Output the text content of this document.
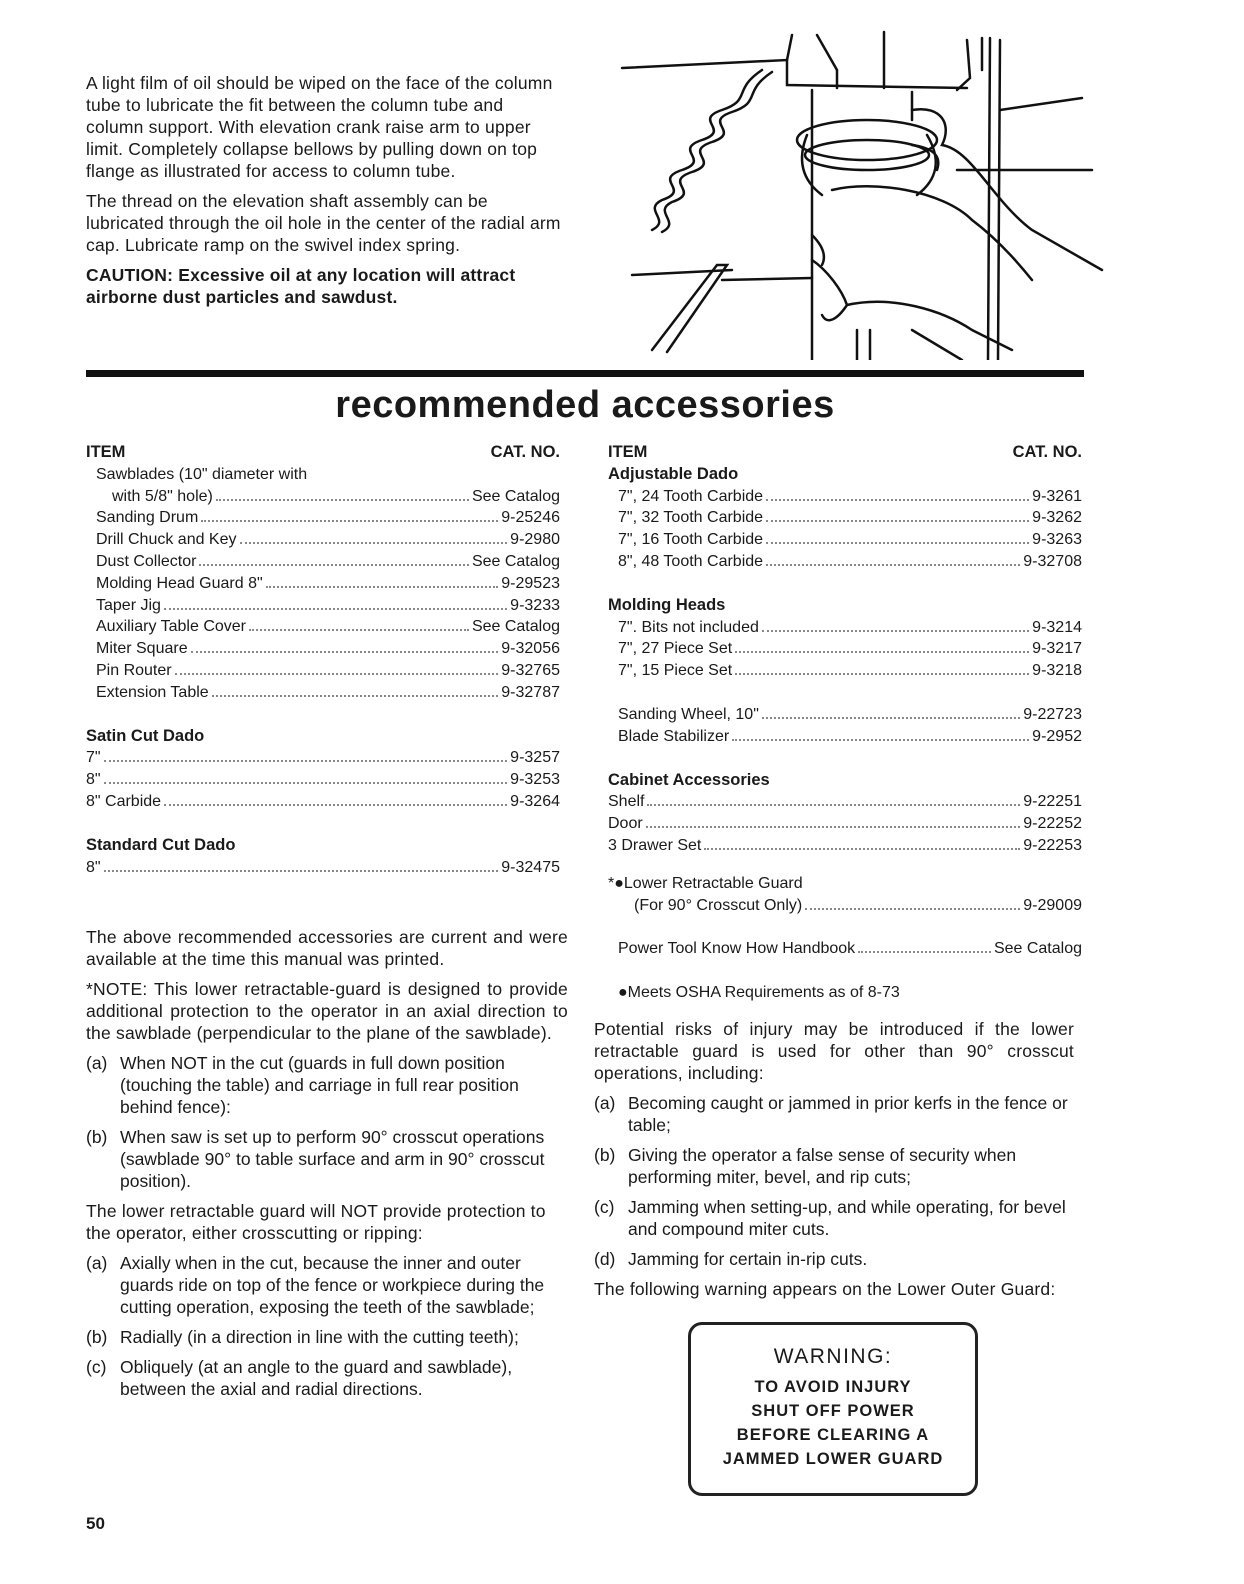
A light film of oil should be wiped on the face of the column tube to lubricate the fit between the column tube and column support. With elevation crank raise arm to upper limit. Completely collapse bellows by pulling down on top flange as illustrated for access to column tube.

The thread on the elevation shaft assembly can be lubricated through the oil hole in the center of the radial arm cap. Lubricate ramp on the swivel index spring.

CAUTION: Excessive oil at any location will attract airborne dust particles and sawdust.

recommended accessories
ITEM	CAT. NO.
Sawblades (10" diameter with
with 5/8" hole)	See Catalog
Sanding Drum	9-25246
Drill Chuck and Key	9-2980
Dust Collector	See Catalog
Molding Head Guard 8"	9-29523
Taper Jig	9-3233
Auxiliary Table Cover	See Catalog
Miter Square	9-32056
Pin Router	9-32765
Extension Table	9-32787
Satin Cut Dado
7"	9-3257
8"	9-3253
8" Carbide	9-3264
Standard Cut Dado
8"	9-32475
ITEM	CAT. NO.
Adjustable Dado
7", 24 Tooth Carbide	9-3261
7", 32 Tooth Carbide	9-3262
7", 16 Tooth Carbide	9-3263
8", 48 Tooth Carbide	9-32708
Molding Heads
7". Bits not included	9-3214
7", 27 Piece Set	9-3217
7", 15 Piece Set	9-3218
Sanding Wheel, 10"	9-22723
Blade Stabilizer	9-2952
Cabinet Accessories
Shelf	9-22251
Door	9-22252
3 Drawer Set	9-22253
*●Lower Retractable Guard
(For 90° Crosscut Only)	9-29009
Power Tool Know How Handbook	See Catalog
●Meets OSHA Requirements as of 8-73

The above recommended accessories are current and were available at the time this manual was printed.

*NOTE: This lower retractable-guard is designed to provide additional protection to the operator in an axial direction to the sawblade (perpendicular to the plane of the sawblade).

(a) When NOT in the cut (guards in full down position (touching the table) and carriage in full rear position behind fence):
(b) When saw is set up to perform 90° crosscut operations (sawblade 90° to table surface and arm in 90° crosscut position).

The lower retractable guard will NOT provide protection to the operator, either crosscutting or ripping:

(a) Axially when in the cut, because the inner and outer guards ride on top of the fence or workpiece during the cutting operation, exposing the teeth of the sawblade;
(b) Radially (in a direction in line with the cutting teeth);
(c) Obliquely (at an angle to the guard and sawblade), between the axial and radial directions.

Potential risks of injury may be introduced if the lower retractable guard is used for other than 90° crosscut operations, including:

(a) Becoming caught or jammed in prior kerfs in the fence or table;
(b) Giving the operator a false sense of security when performing miter, bevel, and rip cuts;
(c) Jamming when setting-up, and while operating, for bevel and compound miter cuts.
(d) Jamming for certain in-rip cuts.

The following warning appears on the Lower Outer Guard:

WARNING:
TO AVOID INJURY
SHUT OFF POWER
BEFORE CLEARING A
JAMMED LOWER GUARD
50
